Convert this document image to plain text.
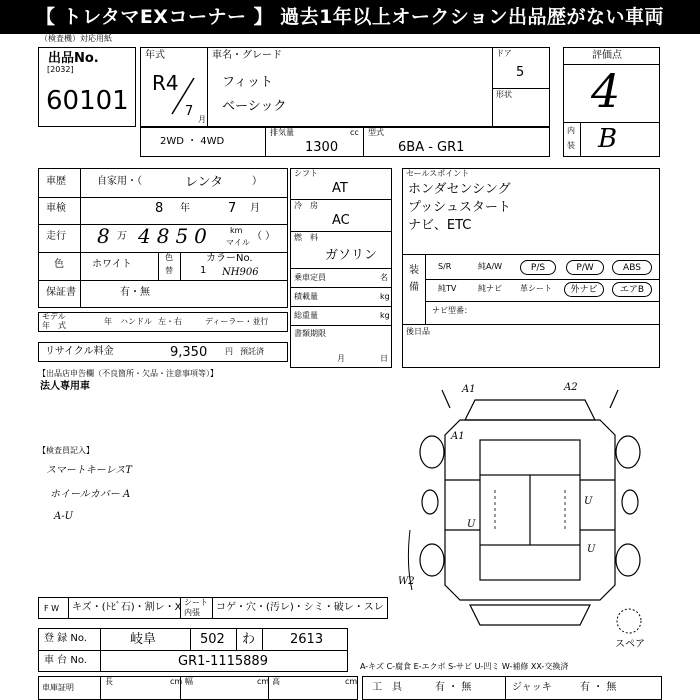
【 トレタマEXコーナー 】 過去1年以上オークション出品歴がない車両
（検査機）対応用紙
出品No.
[2032]
60101
年式
R4
7
月
車名・グレード
フィット
ベーシック
ドア
5
形状
評価点
4
内
装 B
2WD ・ 4WD
排気量	cc
1300
型式
6BA - GR1
車歴	自家用・（	レンタ	）
車検	8 年	7 月
走行 8 万 4850 km
マイル
（ ）
色	ホワイト
色
替
カラーNo.
1 NH906
保証書	有・無
モデル
年　式	年 ハンドル 左・右	ディーラー・並行
リサイクル料金	9,350 円 預託済
シフト
AT
冷　房
AC
燃　料
ガソリン
乗車定員	名
積載量	kg
総重量	kg
書類期限
月	日
セールスポイント
ホンダセンシング
プッシュスタート
ナビ、ETC
装
備
S/R	純A/W	P/S	P/W	ABS
純TV	純ナビ 革シート	外ナビ	エアB
ナビ型番：
後日品
【出品店申告欄（不良箇所・欠品・注意事項等）】
法人専用車
【検査員記入】
スマートキーレスT
ホイールカバー A
A-U
A1	A2
A1
U
U
W2
U
スペア
F W キズ・(ﾄﾋﾞ石)・割レ・X シート
内張 コゲ・穴・(汚レ)・シミ・破レ・スレ
登 録 No.	岐阜	502 わ	2613
車 台 No.	GR1-1115889	A-キズ C-腐食 E-エクボ S-サビ U-凹ミ W-補修 XX-交換済
車庫証明
長	cm 幅	cm 高	cm
工　具	有 ・ 無	ジャッキ	有 ・ 無
